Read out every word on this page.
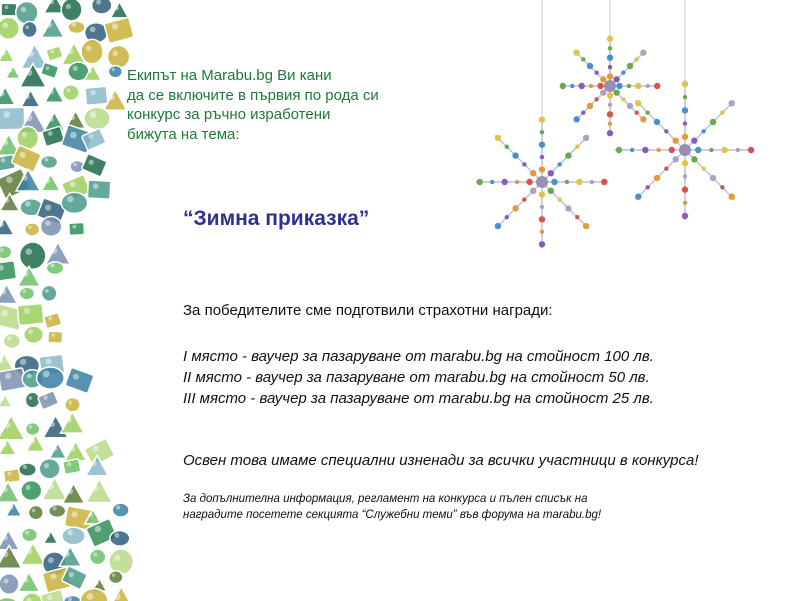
Екипът на Marabu.bg Ви кани
да се включите в първия по рода си
конкурс за ръчно изработени
бижута на тема:
“Зимна приказка”
За победителите сме подготвили страхотни награди:
I място - ваучер за пазаруване от marabu.bg на стойност 100 лв.
II място - ваучер за пазаруване от marabu.bg на стойност 50 лв.
III място - ваучер за пазаруване от marabu.bg на стойност 25 лв.
Освен това имаме специални изненади за всички участници в конкурса!
За допълнителна информация, регламент на конкурса и пълен списък на
наградите посетете секцията “Служебни теми” във форума на marabu.bg!
